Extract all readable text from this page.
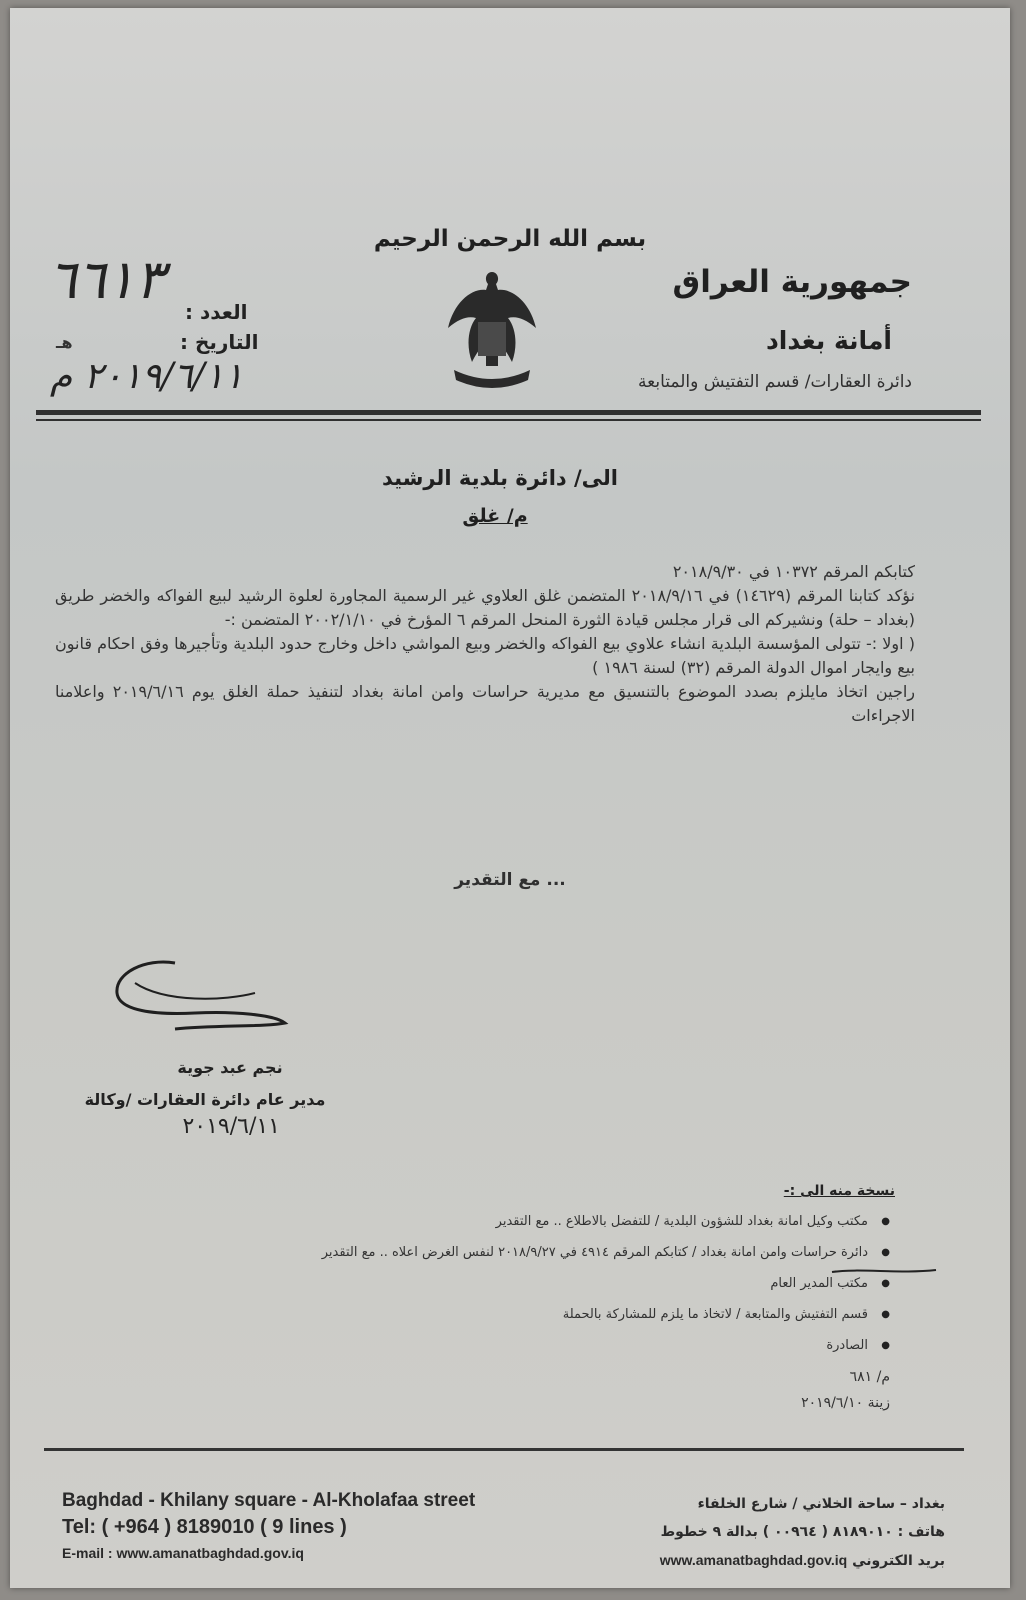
بسم الله الرحمن الرحيم
جمهورية العراق
أمانة بغداد
دائرة العقارات/ قسم التفتيش والمتابعة
العدد :
التاريخ :
٦٦١٣
هـ
٢٠١٩/٦/١١ م
الى/ دائرة بلدية الرشيد
م/ غلق
كتابكم المرقم ١٠٣٧٢ في ٢٠١٨/٩/٣٠
نؤكد كتابنا المرقم (١٤٦٢٩) في ٢٠١٨/٩/١٦ المتضمن غلق العلاوي غير الرسمية المجاورة لعلوة الرشيد لبيع الفواكه والخضر طريق (بغداد – حلة) ونشيركم الى قرار مجلس قيادة الثورة المنحل المرقم ٦ المؤرخ في ٢٠٠٢/١/١٠ المتضمن :-
( اولا :- تتولى المؤسسة البلدية انشاء علاوي بيع الفواكه والخضر وبيع المواشي داخل وخارج حدود البلدية وتأجيرها وفق احكام قانون بيع وايجار اموال الدولة المرقم (٣٢) لسنة ١٩٨٦ )
راجين اتخاذ مايلزم بصدد الموضوع بالتنسيق مع مديرية حراسات وامن امانة بغداد لتنفيذ حملة الغلق يوم ٢٠١٩/٦/١٦ واعلامنا الاجراءات
... مع التقدير
نجم عبد جوية
مدير عام دائرة العقارات /وكالة
٢٠١٩/٦/١١
نسخة منه الى :-
● مكتب وكيل امانة بغداد للشؤون البلدية / للتفضل بالاطلاع .. مع التقدير
● دائرة حراسات وامن امانة بغداد / كتابكم المرقم ٤٩١٤ في ٢٠١٨/٩/٢٧ لنفس الغرض اعلاه .. مع التقدير
● مكتب المدير العام
● قسم التفتيش والمتابعة / لاتخاذ ما يلزم للمشاركة بالحملة
● الصادرة
م/ ٦٨١
زينة ٢٠١٩/٦/١٠
Baghdad - Khilany square - Al-Kholafaa street
Tel: ( +964 ) 8189010 ( 9 lines )
E-mail : www.amanatbaghdad.gov.iq
بغداد – ساحة الخلاني / شارع الخلفاء
هاتف : ٨١٨٩٠١٠ ( ٠٠٩٦٤ ) بدالة ٩ خطوط
بريد الكتروني www.amanatbaghdad.gov.iq
